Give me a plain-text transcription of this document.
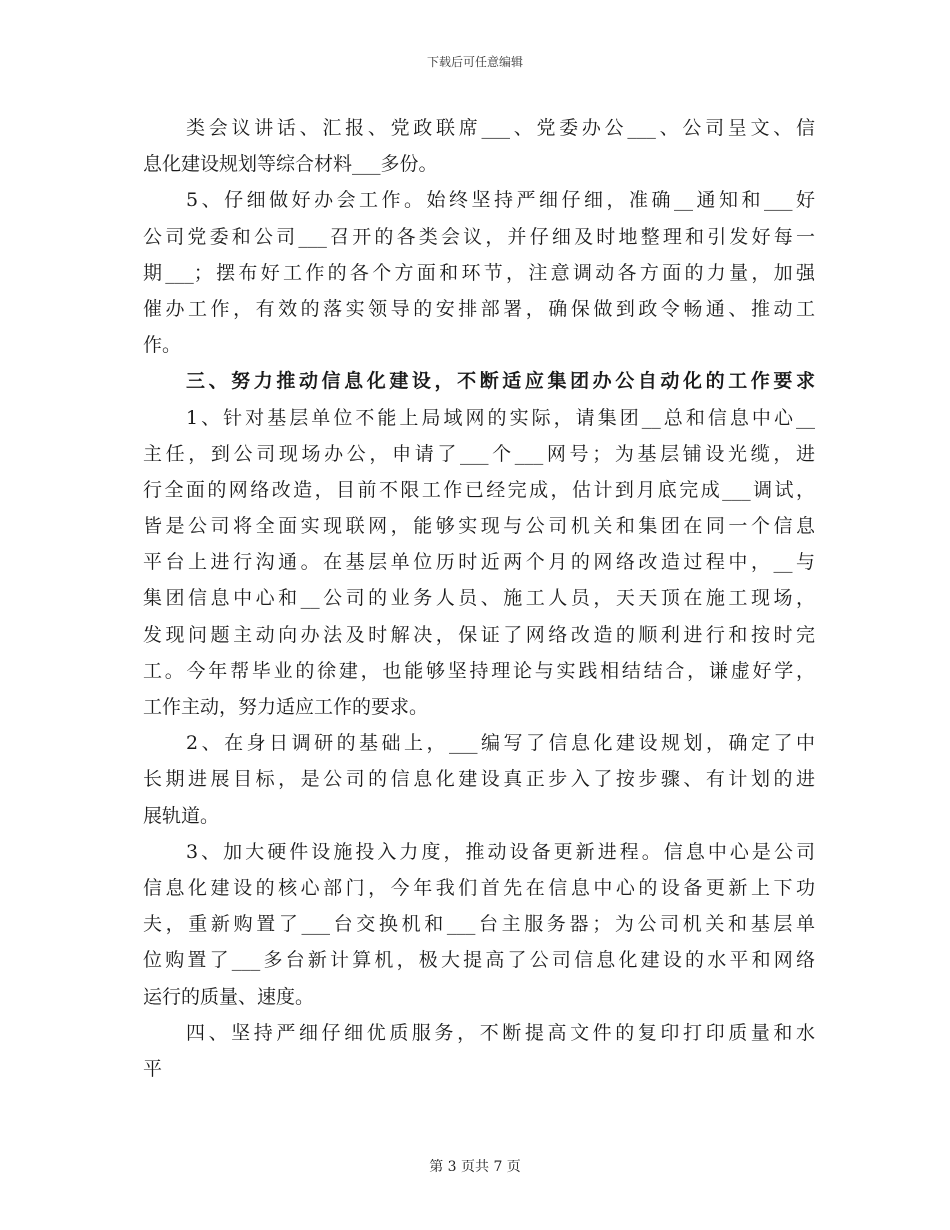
下载后可任意编辑
类会议讲话、汇报、党政联席___、党委办公___、公司呈文、信
息化建设规划等综合材料___多份。
5、仔细做好办会工作。始终坚持严细仔细，准确__通知和___好
公司党委和公司___召开的各类会议，并仔细及时地整理和引发好每一
期___；摆布好工作的各个方面和环节，注意调动各方面的力量，加强
催办工作，有效的落实领导的安排部署，确保做到政令畅通、推动工
作。
三、努力推动信息化建设，不断适应集团办公自动化的工作要求
1、针对基层单位不能上局域网的实际，请集团__总和信息中心__
主任，到公司现场办公，申请了___个___网号；为基层铺设光缆，进
行全面的网络改造，目前不限工作已经完成，估计到月底完成___调试，
皆是公司将全面实现联网，能够实现与公司机关和集团在同一个信息
平台上进行沟通。在基层单位历时近两个月的网络改造过程中，__与
集团信息中心和__公司的业务人员、施工人员，天天顶在施工现场，
发现问题主动向办法及时解决，保证了网络改造的顺利进行和按时完
工。今年帮毕业的徐建，也能够坚持理论与实践相结结合，谦虚好学，
工作主动，努力适应工作的要求。
2、在身日调研的基础上，___编写了信息化建设规划，确定了中
长期进展目标，是公司的信息化建设真正步入了按步骤、有计划的进
展轨道。
3、加大硬件设施投入力度，推动设备更新进程。信息中心是公司
信息化建设的核心部门，今年我们首先在信息中心的设备更新上下功
夫，重新购置了___台交换机和___台主服务器；为公司机关和基层单
位购置了___多台新计算机，极大提高了公司信息化建设的水平和网络
运行的质量、速度。
四、坚持严细仔细优质服务，不断提高文件的复印打印质量和水
平
第 3 页共 7 页
